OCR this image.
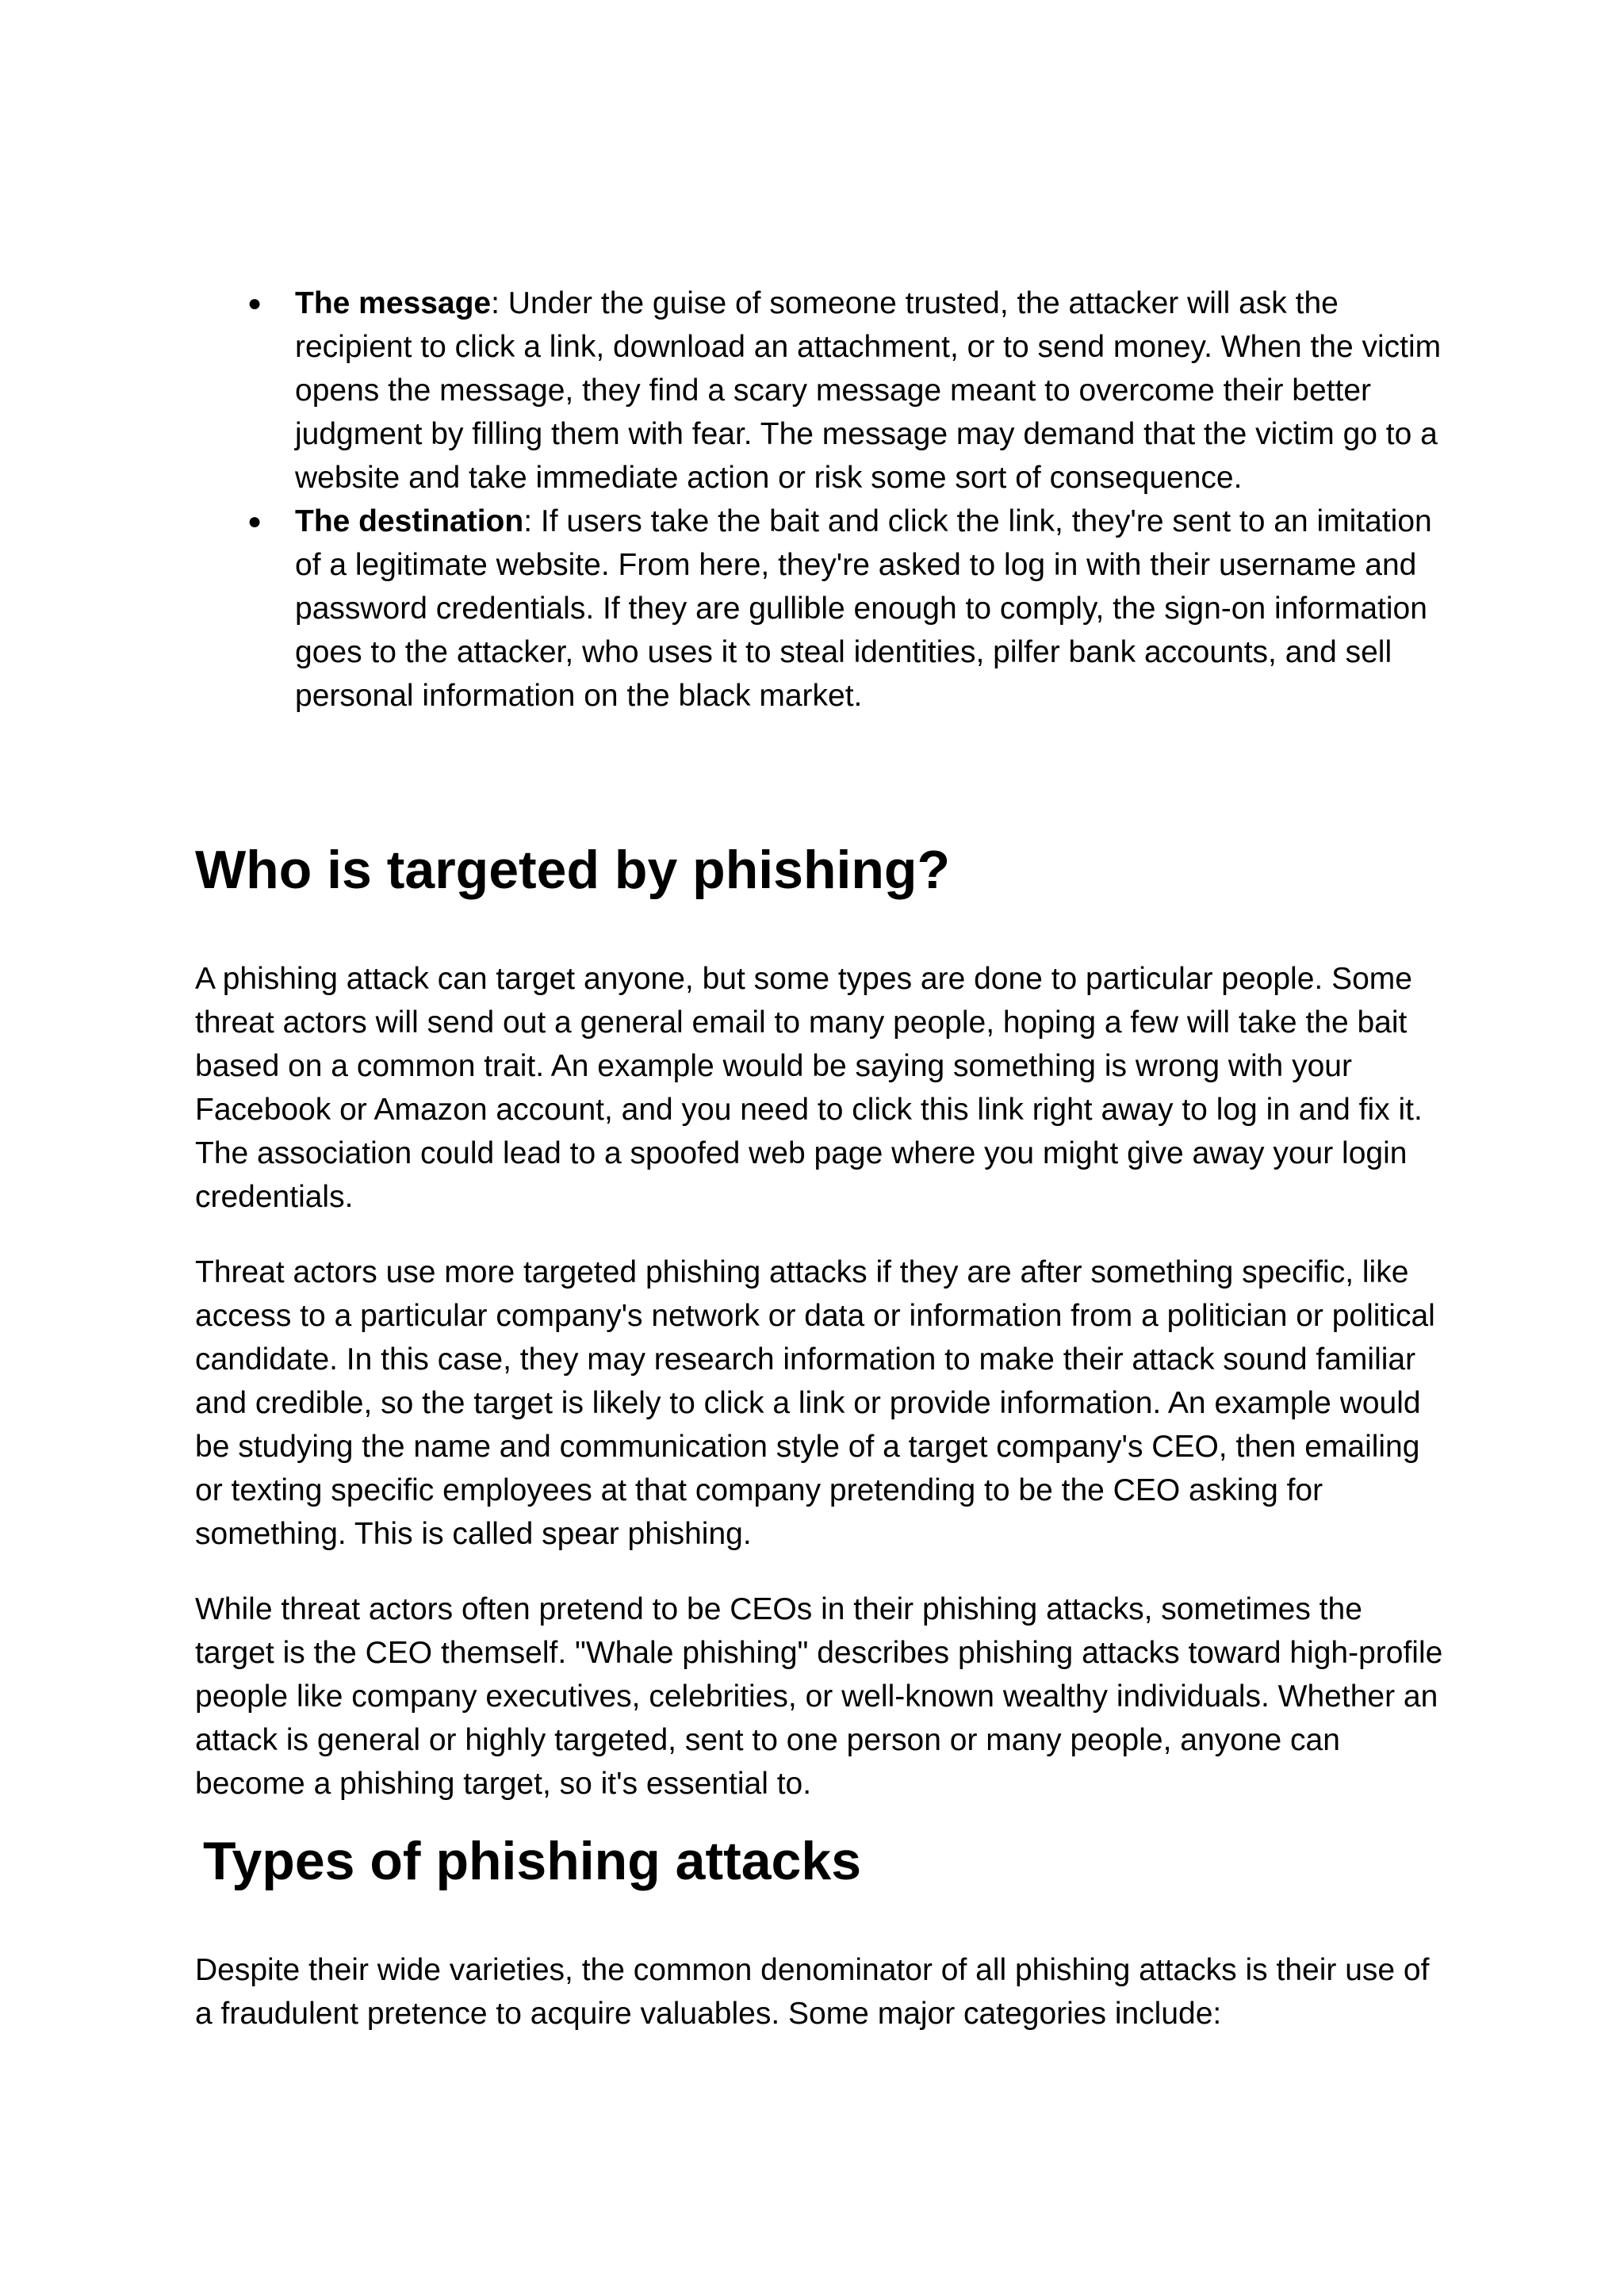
● The message: Under the guise of someone trusted, the attacker will ask the recipient to click a link, download an attachment, or to send money. When the victim opens the message, they find a scary message meant to overcome their better judgment by filling them with fear. The message may demand that the victim go to a website and take immediate action or risk some sort of consequence.
● The destination: If users take the bait and click the link, they're sent to an imitation of a legitimate website. From here, they're asked to log in with their username and password credentials. If they are gullible enough to comply, the sign-on information goes to the attacker, who uses it to steal identities, pilfer bank accounts, and sell personal information on the black market.
Who is targeted by phishing?

A phishing attack can target anyone, but some types are done to particular people. Some threat actors will send out a general email to many people, hoping a few will take the bait based on a common trait. An example would be saying something is wrong with your Facebook or Amazon account, and you need to click this link right away to log in and fix it. The association could lead to a spoofed web page where you might give away your login credentials.

Threat actors use more targeted phishing attacks if they are after something specific, like access to a particular company's network or data or information from a politician or political candidate. In this case, they may research information to make their attack sound familiar and credible, so the target is likely to click a link or provide information. An example would be studying the name and communication style of a target company's CEO, then emailing or texting specific employees at that company pretending to be the CEO asking for something. This is called spear phishing.

While threat actors often pretend to be CEOs in their phishing attacks, sometimes the target is the CEO themself. "Whale phishing" describes phishing attacks toward high-profile people like company executives, celebrities, or well-known wealthy individuals. Whether an attack is general or highly targeted, sent to one person or many people, anyone can become a phishing target, so it's essential to.

Types of phishing attacks

Despite their wide varieties, the common denominator of all phishing attacks is their use of a fraudulent pretence to acquire valuables. Some major categories include:
